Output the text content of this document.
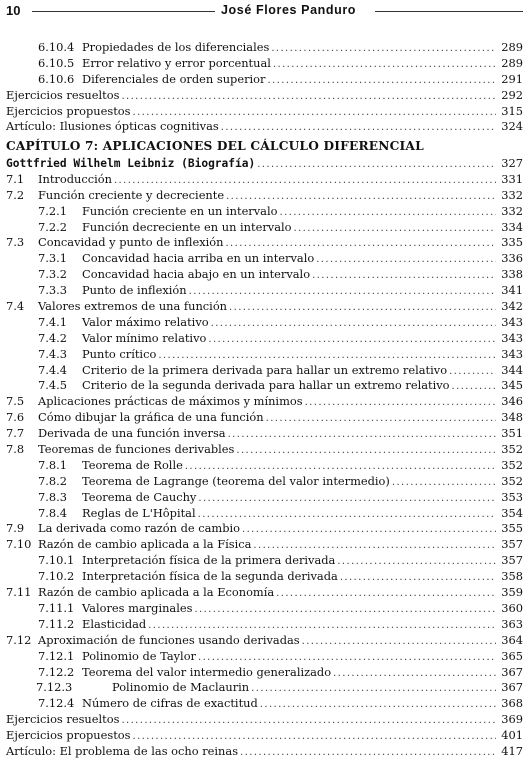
10	José Flores Panduro
6.10.4 Propiedades de los diferenciales .....	289
6.10.5 Error relativo y error porcentual .....	289
6.10.6 Diferenciales de orden superior .....	291
Ejercicios resueltos .....	292
Ejercicios propuestos .....	315
Artículo: Ilusiones ópticas cognitivas .....	324
CAPÍTULO 7: APLICACIONES DEL CÁLCULO DIFERENCIAL
Gottfried Wilhelm Leibniz (Biografía) .....	327
7.1	Introducción .....	331
7.2	Función creciente y decreciente .....	332
7.2.1	Función creciente en un intervalo .....	332
7.2.2	Función decreciente en un intervalo .....	334
7.3	Concavidad y punto de inflexión .....	335
7.3.1	Concavidad hacia arriba en un intervalo .....	336
7.3.2	Concavidad hacia abajo en un intervalo .....	338
7.3.3	Punto de inflexión .....	341
7.4	Valores extremos de una función .....	342
7.4.1	Valor máximo relativo .....	343
7.4.2	Valor mínimo relativo .....	343
7.4.3	Punto crítico .....	343
7.4.4	Criterio de la primera derivada para hallar un extremo relativo .....	344
7.4.5	Criterio de la segunda derivada para hallar un extremo relativo .....	345
7.5	Aplicaciones prácticas de máximos y mínimos .....	346
7.6	Cómo dibujar la gráfica de una función .....	348
7.7	Derivada de una función inversa .....	351
7.8	Teoremas de funciones derivables .....	352
7.8.1	Teorema de Rolle .....	352
7.8.2	Teorema de Lagrange (teorema del valor intermedio) .....	352
7.8.3	Teorema de Cauchy .....	353
7.8.4	Reglas de L'Hôpital .....	354
7.9	La derivada como razón de cambio .....	355
7.10 Razón de cambio aplicada a la Física .....	357
7.10.1 Interpretación física de la primera derivada .....	357
7.10.2 Interpretación física de la segunda derivada .....	358
7.11 Razón de cambio aplicada a la Economía .....	359
7.11.1 Valores marginales .....	360
7.11.2 Elasticidad .....	363
7.12 Aproximación de funciones usando derivadas .....	364
7.12.1 Polinomio de Taylor .....	365
7.12.2 Teorema del valor intermedio generalizado .....	367
7.12.3	Polinomio de Maclaurin .....	367
7.12.4 Número de cifras de exactitud .....	368
Ejercicios resueltos .....	369
Ejercicios propuestos .....	401
Artículo: El problema de las ocho reinas .....	417
